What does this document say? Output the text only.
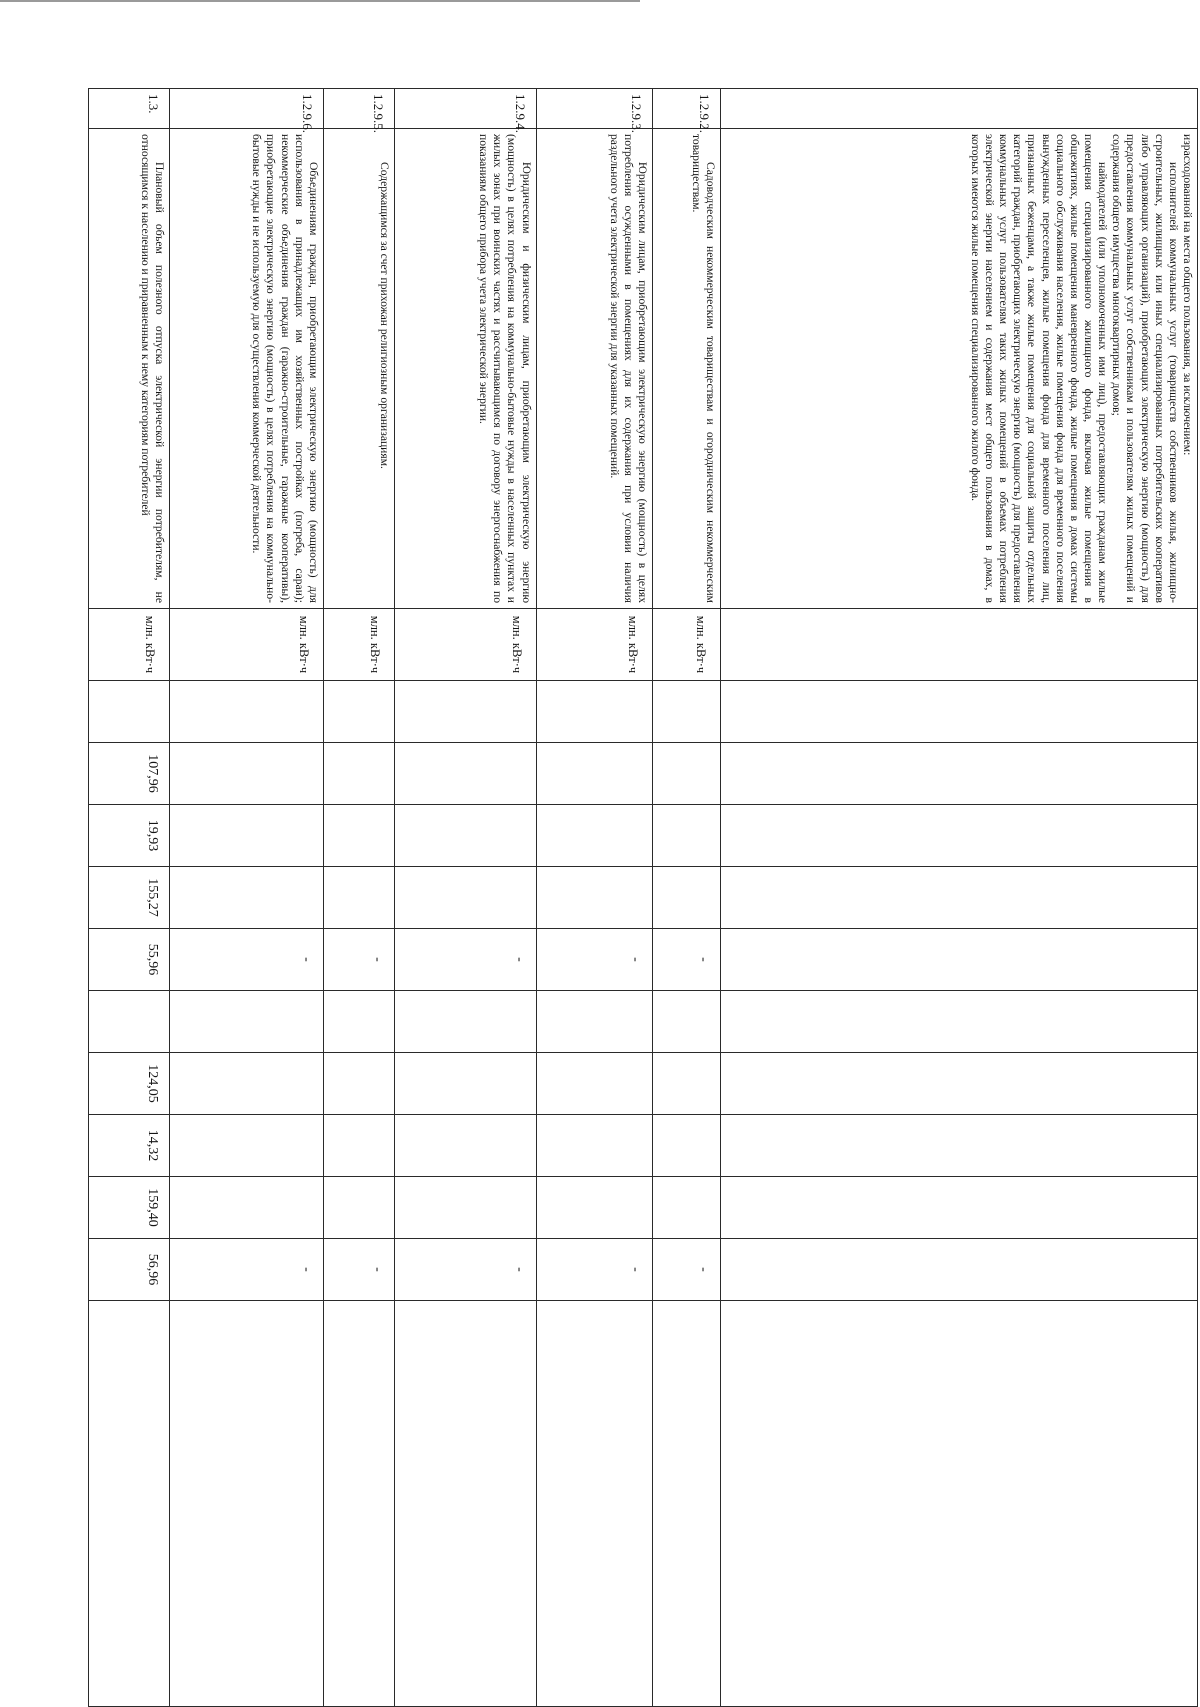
	израсходованной на места общего пользования, за исключением:
исполнителей коммунальных услуг (товариществ собственников жилья, жилищно-строительных, жилищных или иных специализированных потребительских кооперативов либо управляющих организаций), приобретающих электрическую энергию (мощность) для предоставления коммунальных услуг собственникам и пользователям жилых помещений и содержания общего имущества многоквартирных домов;
наймодателей (или уполномоченных ими лиц), предоставляющих гражданам жилые помещения специализированного жилищного фонда, включая жилые помещения в общежитиях, жилые помещения маневренного фонда, жилые помещения в домах системы социального обслуживания населения, жилые помещения фонда для временного поселения вынужденных переселенцев, жилые помещения фонда для временного поселения лиц, признанных беженцами, а также жилые помещения для социальной защиты отдельных категорий граждан, приобретающих электрическую энергию (мощность) для предоставления коммунальных услуг пользователям таких жилых помещений в объемах потребления электрической энергии населением и содержания мест общего пользования в домах, в которых имеются жилые помещения специализированного жилого фонда.												

1.2.9.2.	Садоводческим некоммерческим товариществам и огородническим некоммерческим товариществам.	млн. кВт·ч					-					-	
1.2.9.3.	Юридическим лицам, приобретающим электрическую энергию (мощность) в целях потребления осужденными в помещениях для их содержания при условии наличия раздельного учета электрической энергии для указанных помещений.	млн. кВт·ч					-					-	
1.2.9.4.	Юридическим и физическим лицам, приобретающим электрическую энергию (мощность) в целях потребления на коммунально-бытовые нужды в населенных пунктах и жилых зонах при воинских частях и рассчитывающимся по договору энергоснабжения по показаниям общего прибора учета электрической энергии.	млн. кВт·ч					-					-	
1.2.9.5.	Содержащимся за счет прихожан религиозным организациям.	млн. кВт·ч					-					-	
1.2.9.6.	Объединениям граждан, приобретающим электрическую энергию (мощность) для использования в принадлежащих им хозяйственных постройках (погреба, сараи); некоммерческие объединения граждан (гаражно-строительные, гаражные кооперативы), приобретающие электрическую энергию (мощность) в целях потребления на коммунально-бытовые нужды и не используемую для осуществления коммерческой деятельности.	млн. кВт·ч					-					-	
1.3.	Плановый объем полезного отпуска электрической энергии потребителям, не относящимся к населению и приравненным к нему категориям потребителей	млн. кВт·ч		107,96	19,93	155,27	55,96		124,05	14,32	159,40	56,96	
